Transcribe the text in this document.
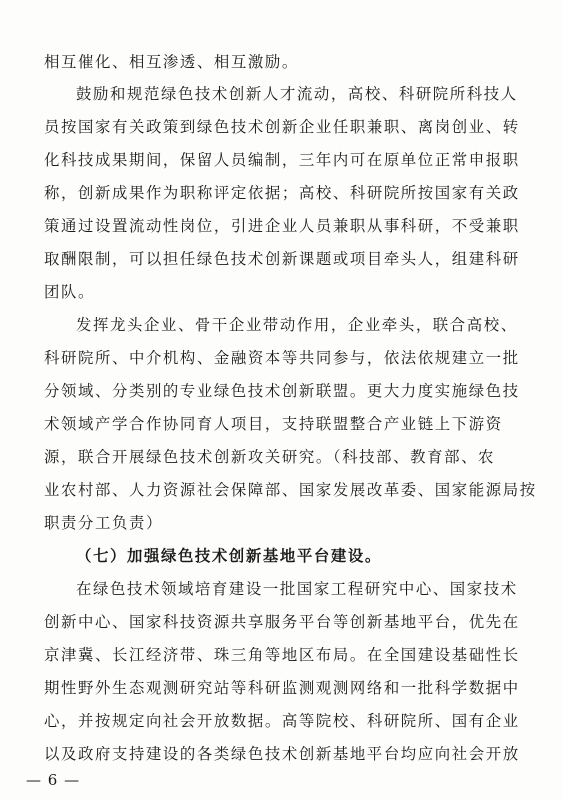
相互催化、相互渗透、相互激励。
鼓励和规范绿色技术创新人才流动，高校、科研院所科技人
员按国家有关政策到绿色技术创新企业任职兼职、离岗创业、转
化科技成果期间，保留人员编制，三年内可在原单位正常申报职
称，创新成果作为职称评定依据；高校、科研院所按国家有关政
策通过设置流动性岗位，引进企业人员兼职从事科研，不受兼职
取酬限制，可以担任绿色技术创新课题或项目牵头人，组建科研
团队。
发挥龙头企业、骨干企业带动作用，企业牵头，联合高校、
科研院所、中介机构、金融资本等共同参与，依法依规建立一批
分领域、分类别的专业绿色技术创新联盟。更大力度实施绿色技
术领域产学合作协同育人项目，支持联盟整合产业链上下游资
源，联合开展绿色技术创新攻关研究。（科技部、教育部、农
业农村部、人力资源社会保障部、国家发展改革委、国家能源局按
职责分工负责）
（七）加强绿色技术创新基地平台建设。
在绿色技术领域培育建设一批国家工程研究中心、国家技术
创新中心、国家科技资源共享服务平台等创新基地平台，优先在
京津冀、长江经济带、珠三角等地区布局。在全国建设基础性长
期性野外生态观测研究站等科研监测观测网络和一批科学数据中
心，并按规定向社会开放数据。高等院校、科研院所、国有企业
以及政府支持建设的各类绿色技术创新基地平台均应向社会开放
— 6 —
